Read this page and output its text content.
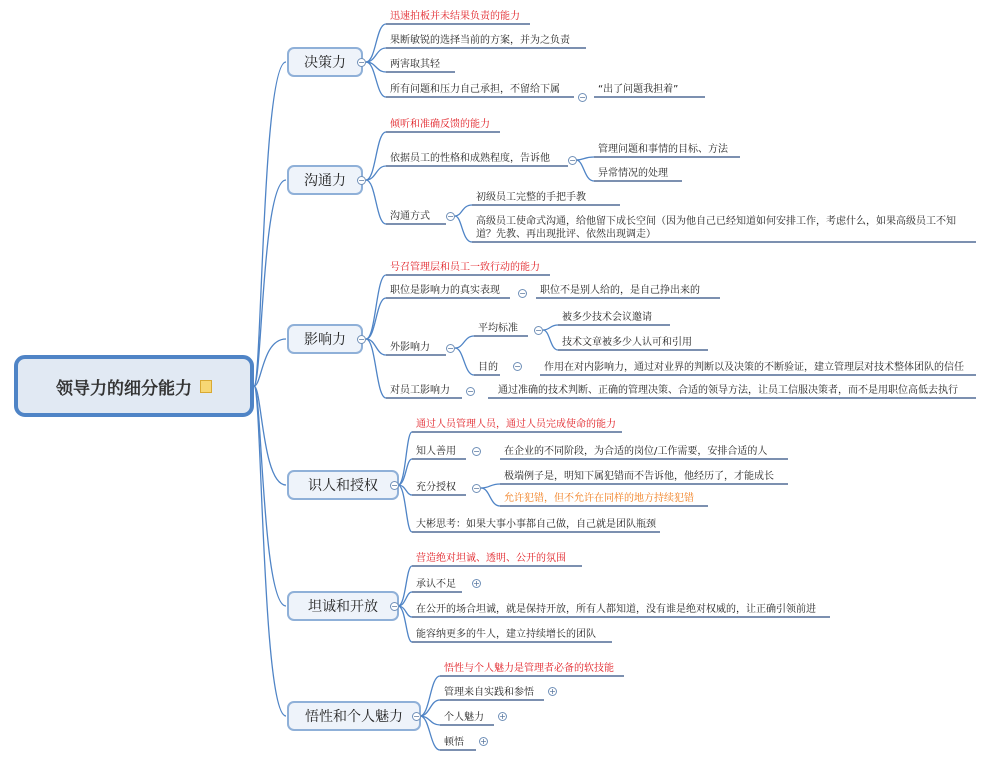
领导力的细分能力
决策力
沟通力
影响力
识人和授权
坦诚和开放
悟性和个人魅力
迅速拍板并未结果负责的能力
果断敏锐的选择当前的方案，并为之负责
两害取其轻
所有问题和压力自己承担，不留给下属	“出了问题我担着”
倾听和准确反馈的能力
依据员工的性格和成熟程度，告诉他
管理问题和事情的目标、方法
异常情况的处理
沟通方式
初级员工完整的手把手教
高级员工使命式沟通，给他留下成长空间（因为他自己已经知道如何安排工作，考虑什么，如果高级员工不知
道？先教、再出现批评、依然出现调走）
号召管理层和员工一致行动的能力
职位是影响力的真实表现	职位不是别人给的，是自己挣出来的
外影响力
平均标准
被多少技术会议邀请
技术文章被多少人认可和引用
目的	作用在对内影响力，通过对业界的判断以及决策的不断验证，建立管理层对技术整体团队的信任
对员工影响力	通过准确的技术判断、正确的管理决策、合适的领导方法，让员工信服决策者，而不是用职位高低去执行
通过人员管理人员，通过人员完成使命的能力
知人善用	在企业的不同阶段，为合适的岗位/工作需要，安排合适的人
充分授权
极端例子是，明知下属犯错而不告诉他，他经历了，才能成长
允许犯错，但不允许在同样的地方持续犯错
大彬思考：如果大事小事都自己做，自己就是团队瓶颈
营造绝对坦诚、透明、公开的氛围
承认不足
在公开的场合坦诚，就是保持开放，所有人都知道，没有谁是绝对权威的，让正确引领前进
能容纳更多的牛人，建立持续增长的团队
悟性与个人魅力是管理者必备的软技能
管理来自实践和参悟
个人魅力
顿悟
−
−
−
−
−
−
−
−
−
−
−
−
−
−
−
+
−
+
+
+
